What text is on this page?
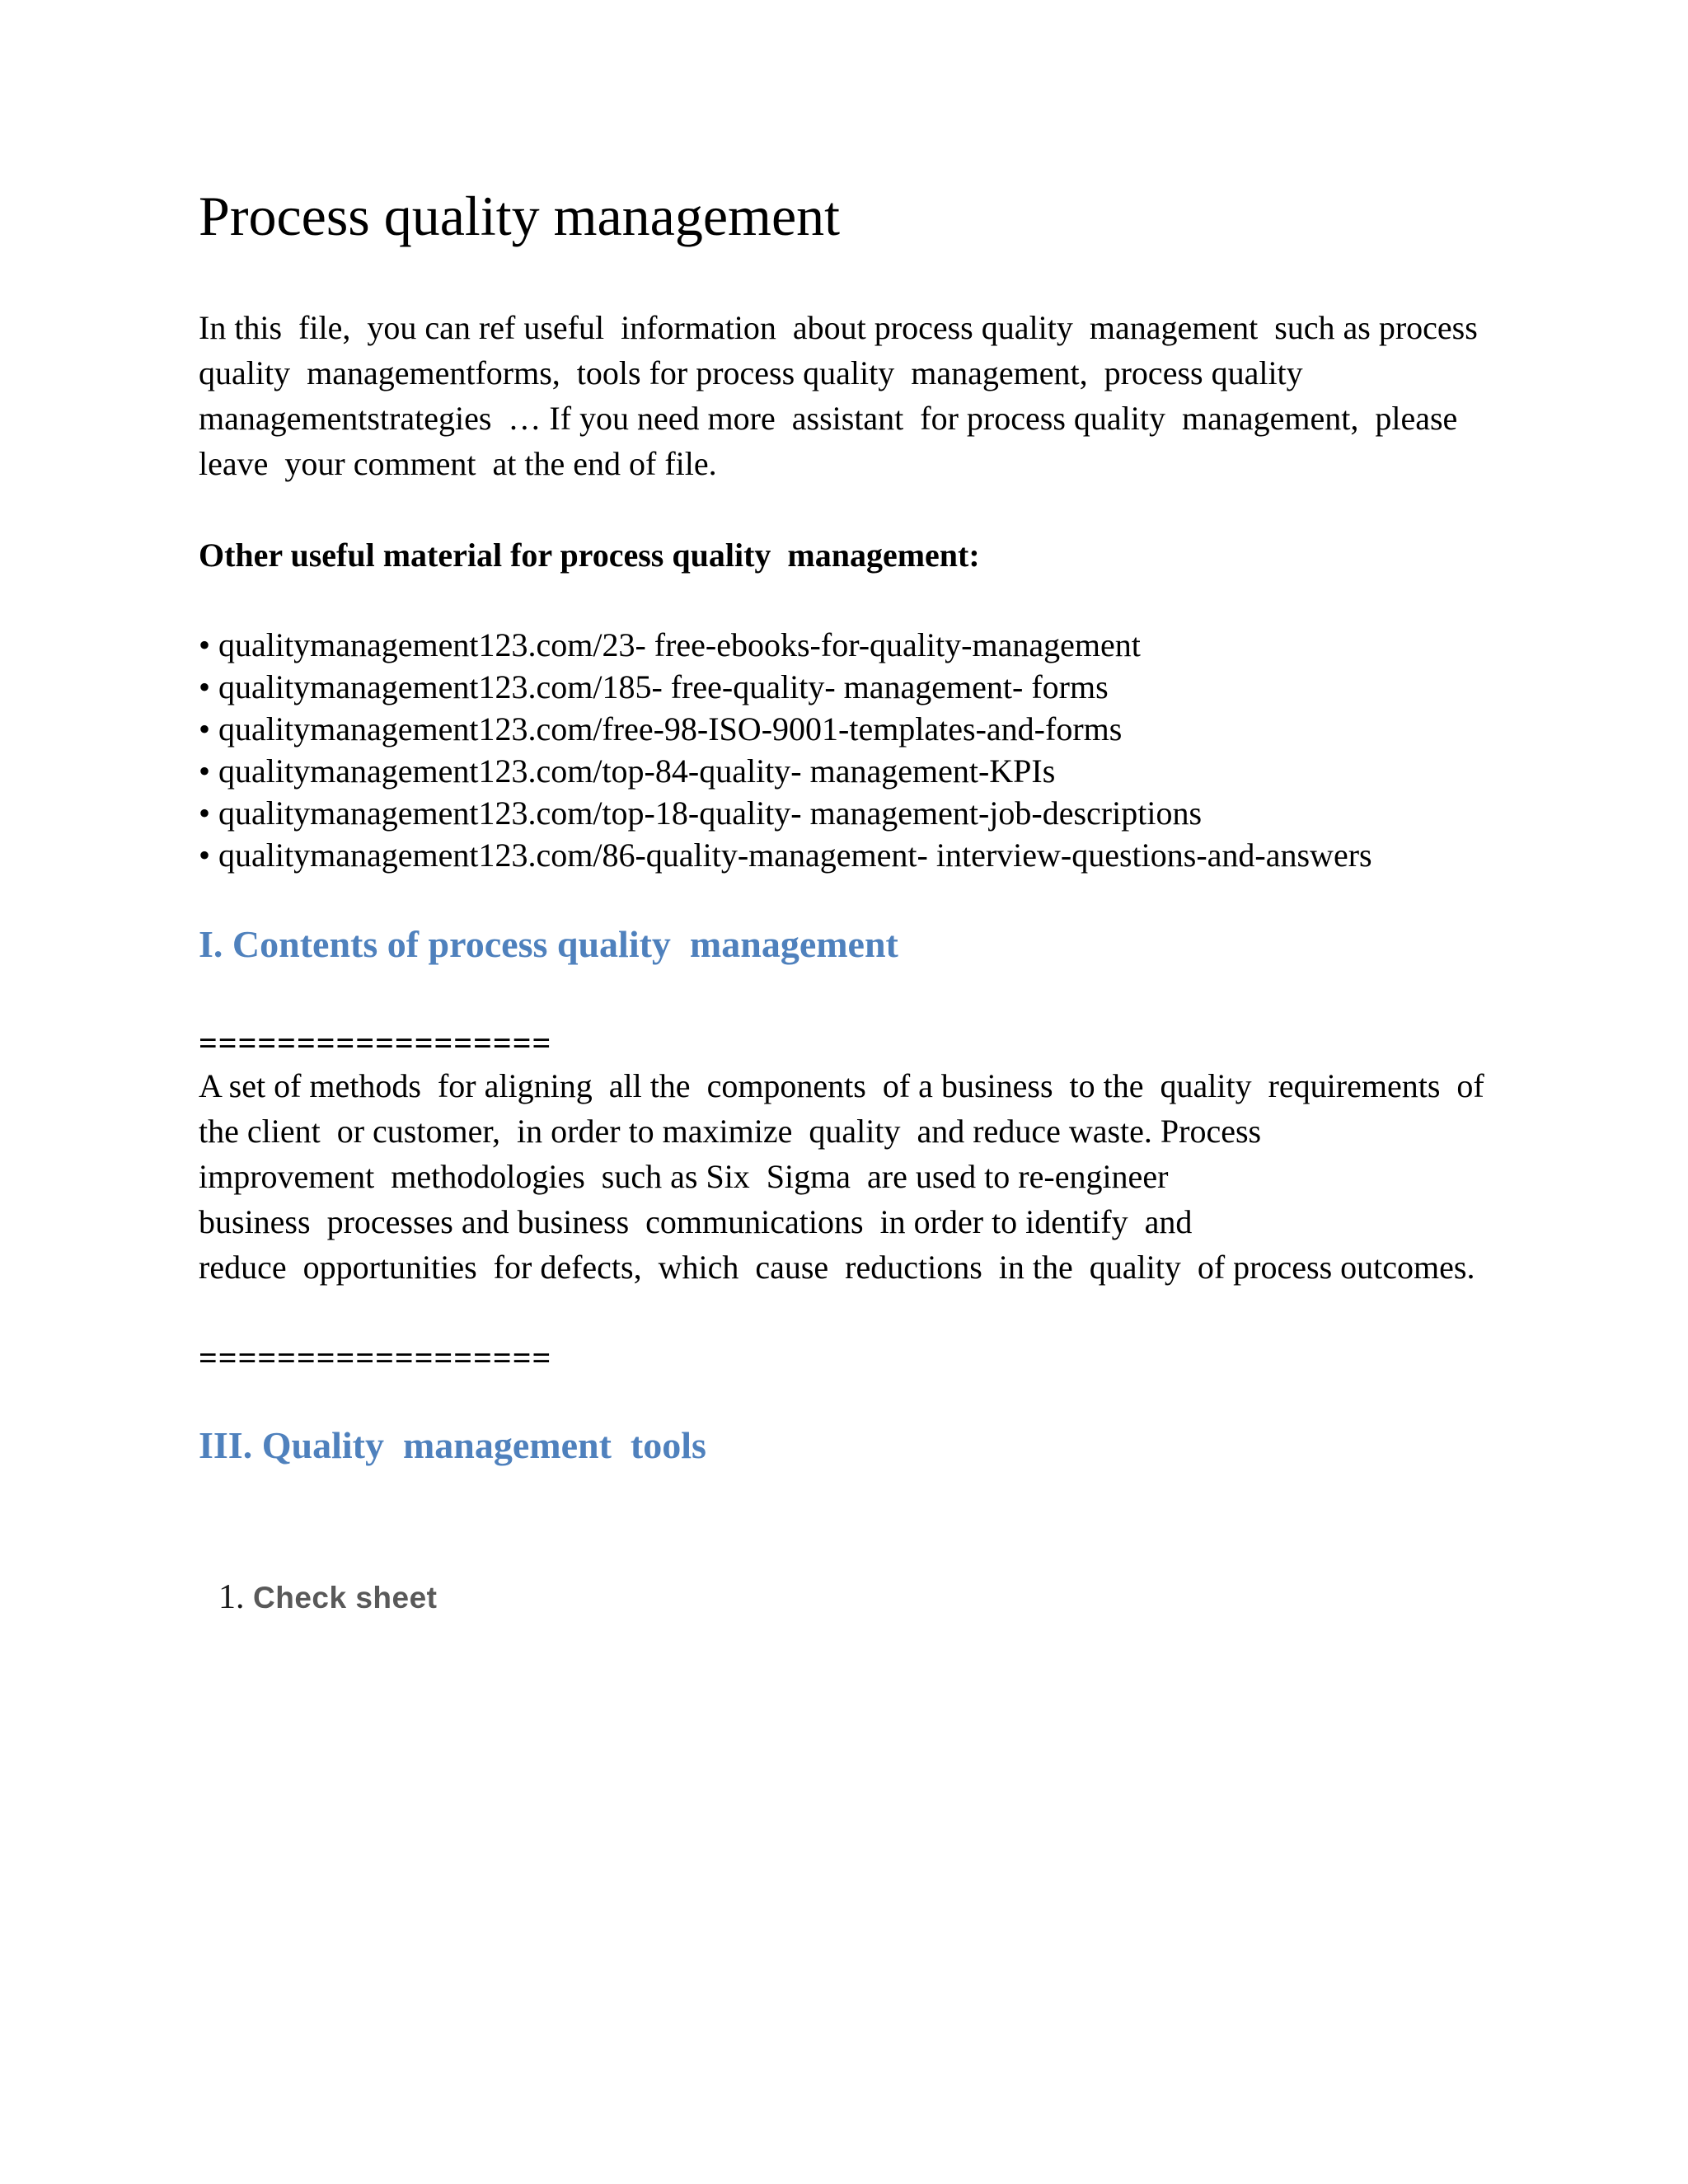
Process quality management
In this  file,  you can ref useful  information  about process quality  management  such as process
quality  managementforms,  tools for process quality  management,  process quality
managementstrategies  … If you need more  assistant  for process quality  management,  please
leave  your comment  at the end of file.
Other useful material for process quality  management:
• qualitymanagement123.com/23- free-ebooks-for-quality-management
• qualitymanagement123.com/185- free-quality- management- forms
• qualitymanagement123.com/free-98-ISO-9001-templates-and-forms
• qualitymanagement123.com/top-84-quality- management-KPIs
• qualitymanagement123.com/top-18-quality- management-job-descriptions
• qualitymanagement123.com/86-quality-management- interview-questions-and-answers
I. Contents of process quality  management
==================
A set of methods  for aligning  all the  components  of a business  to the  quality  requirements  of
the client  or customer,  in order to maximize  quality  and reduce waste. Process
improvement  methodologies  such as Six  Sigma  are used to re-engineer
business  processes and business  communications  in order to identify  and
reduce  opportunities  for defects,  which  cause  reductions  in the  quality  of process outcomes.
==================
III. Quality  management  tools

1. Check sheet
